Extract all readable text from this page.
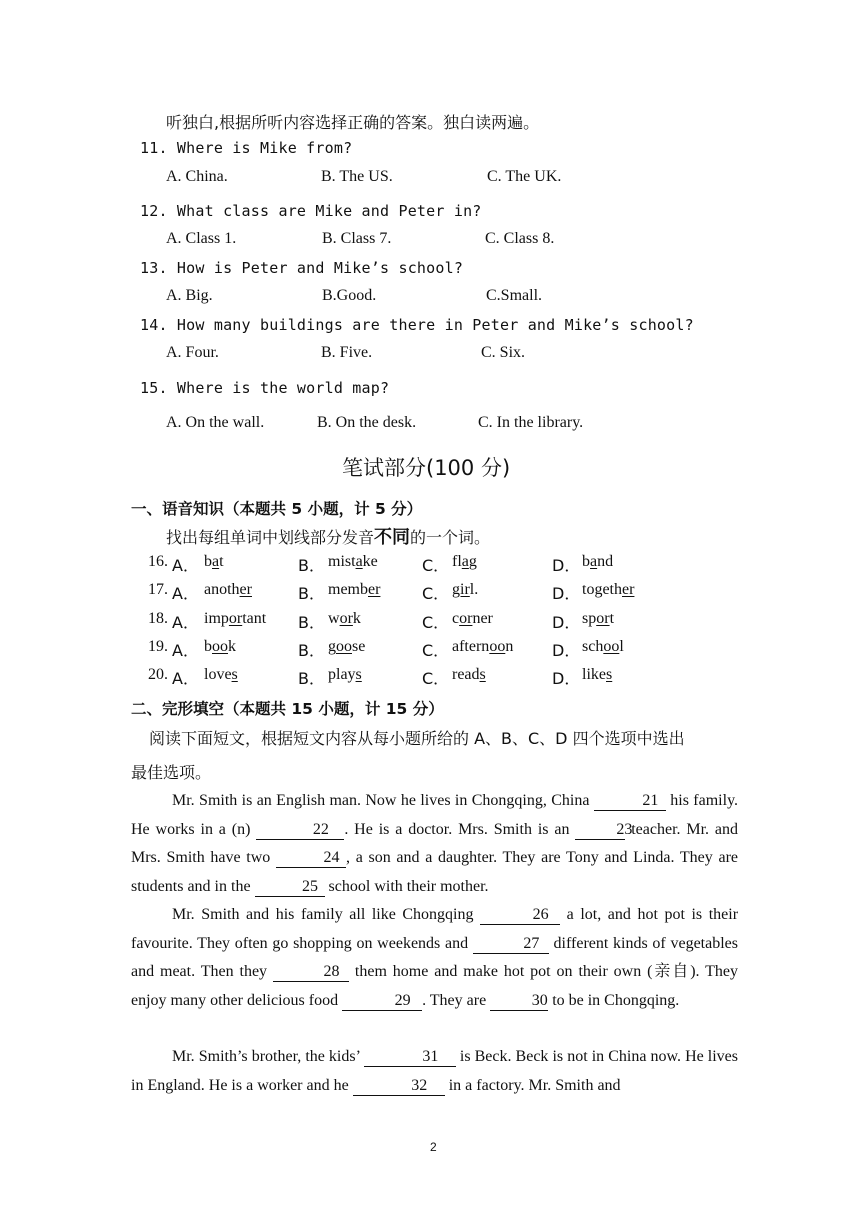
听独白,根据所听内容选择正确的答案。独白读两遍。
11. Where is Mike from?
A. China.	B. The US.	C. The UK.
12. What class are Mike and Peter in?
A. Class 1.	B. Class 7.	C. Class 8.
13. How is Peter and Mike’s school?
A. Big.	B.Good.	C.Small.
14. How many buildings are there in Peter and Mike’s school?
A. Four.	B. Five.	C. Six.
15. Where is the world map?
A. On the wall.	B. On the desk.	C. In the library.
笔试部分(100 分)
一、语音知识（本题共 5 小题，计 5 分）
找出每组单词中划线部分发音不同的一个词。
16. A． bat	B． mistake	C． flag	D． band
17. A． another	B． member	C． girl.	D． together
18. A． important B． work	C． corner	D． sport
19. A． book	B． goose	C． afternoon D． school
20. A． loves	B． plays	C． reads	D． likes
二、完形填空（本题共 15 小题，计 15 分）
阅读下面短文，根据短文内容从每小题所给的 A、B、C、D 四个选项中选出
最佳选项。
Mr. Smith is an English man. Now he lives in Chongqing, China	21 his family. He works in a (n)	22 . He is a doctor. Mrs. Smith is an	23 teacher. Mr. and Mrs. Smith have two	24 , a son and a daughter. They are Tony and Linda. They are students and in the	25 school with their mother.
Mr. Smith and his family all like Chongqing	26 a lot, and hot pot is their favourite. They often go shopping on weekends and	27 different kinds of vegetables and meat. Then they	28 them home and make hot pot on their own (亲自). They enjoy many other delicious food	29 . They are	30 to be in Chongqing.
Mr. Smith’s brother, the kids’	31 is Beck. Beck is not in China now. He lives in England. He is a worker and he	32 in a factory. Mr. Smith and
2
